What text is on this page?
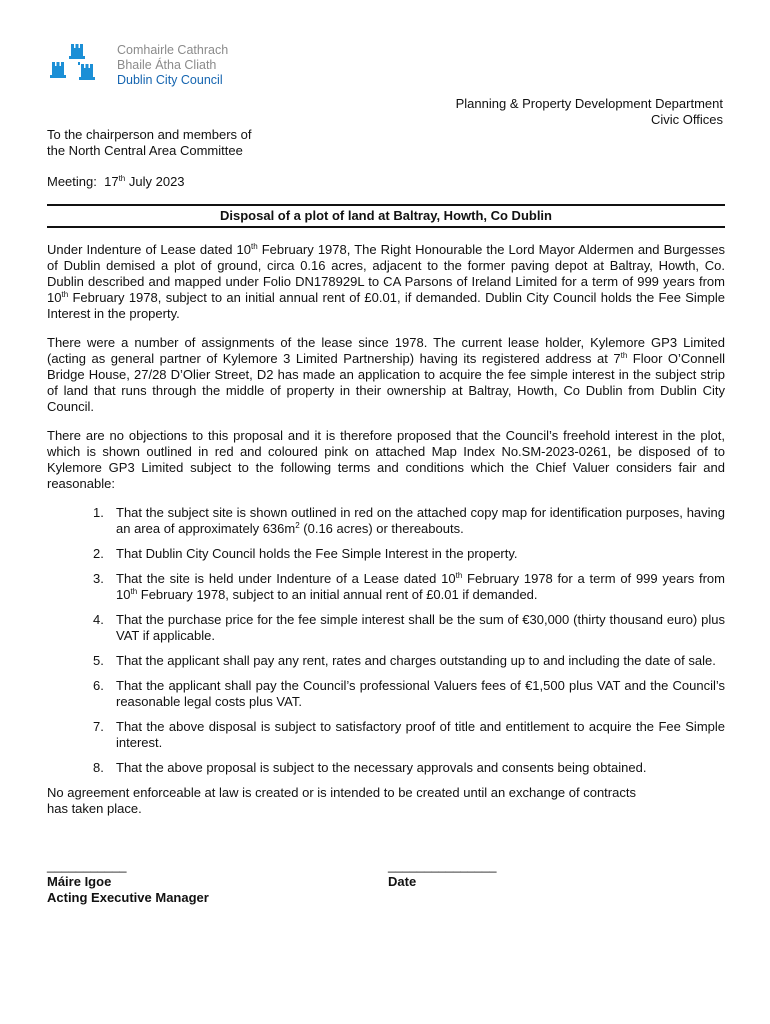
Comhairle Cathrach
Bhaile Átha Cliath
Dublin City Council
Planning & Property Development Department
Civic Offices
To the chairperson and members of
the North Central Area Committee
Meeting: 17th July 2023
Disposal of a plot of land at Baltray, Howth, Co Dublin

Under Indenture of Lease dated 10th February 1978, The Right Honourable the Lord Mayor Aldermen and Burgesses of Dublin demised a plot of ground, circa 0.16 acres, adjacent to the former paving depot at Baltray, Howth, Co. Dublin described and mapped under Folio DN178929L to CA Parsons of Ireland Limited for a term of 999 years from 10th February 1978, subject to an initial annual rent of £0.01, if demanded. Dublin City Council holds the Fee Simple Interest in the property.

There were a number of assignments of the lease since 1978. The current lease holder, Kylemore GP3 Limited (acting as general partner of Kylemore 3 Limited Partnership) having its registered address at 7th Floor O’Connell Bridge House, 27/28 D’Olier Street, D2 has made an application to acquire the fee simple interest in the subject strip of land that runs through the middle of property in their ownership at Baltray, Howth, Co Dublin from Dublin City Council.

There are no objections to this proposal and it is therefore proposed that the Council’s freehold interest in the plot, which is shown outlined in red and coloured pink on attached Map Index No.SM-2023-0261, be disposed of to Kylemore GP3 Limited subject to the following terms and conditions which the Chief Valuer considers fair and reasonable:

1. That the subject site is shown outlined in red on the attached copy map for identification purposes, having an area of approximately $636m^2$ (0.16 acres) or thereabouts.
2. That Dublin City Council holds the Fee Simple Interest in the property.
3. That the site is held under Indenture of a Lease dated 10th February 1978 for a term of 999 years from 10th February 1978, subject to an initial annual rent of £0.01 if demanded.
4. That the purchase price for the fee simple interest shall be the sum of €30,000 (thirty thousand euro) plus VAT if applicable.
5. That the applicant shall pay any rent, rates and charges outstanding up to and including the date of sale.
6. That the applicant shall pay the Council’s professional Valuers fees of €1,500 plus VAT and the Council’s reasonable legal costs plus VAT.
7. That the above disposal is subject to satisfactory proof of title and entitlement to acquire the Fee Simple interest.
8. That the above proposal is subject to the necessary approvals and consents being obtained.

No agreement enforceable at law is created or is intended to be created until an exchange of contracts has taken place.

___________
Máire Igoe
Acting Executive Manager
_______________
Date
